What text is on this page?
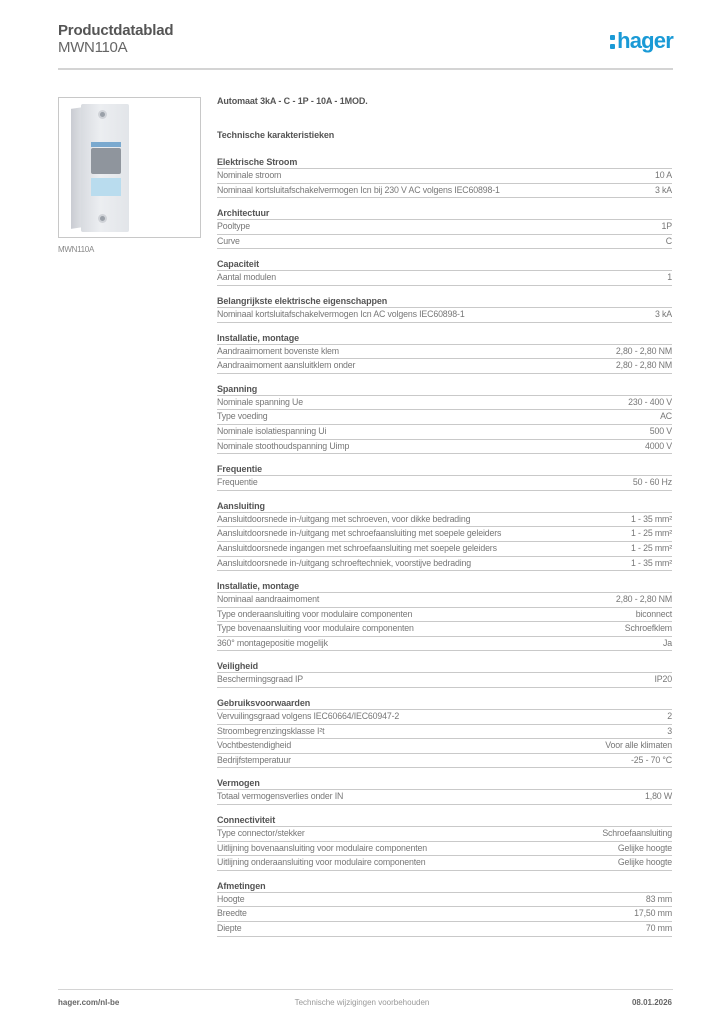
Productdatablad
MWN110A	hager
MWN110A
Automaat 3kA - C - 1P - 10A - 1MOD.
Technische karakteristieken
Elektrische Stroom
Nominale stroom	10 A
Nominaal kortsluitafschakelvermogen Icn bij 230 V AC volgens IEC60898-1	3 kA
Architectuur
Pooltype	1P
Curve	C
Capaciteit
Aantal modulen	1
Belangrijkste elektrische eigenschappen
Nominaal kortsluitafschakelvermogen Icn AC volgens IEC60898-1	3 kA
Installatie, montage
Aandraaimoment bovenste klem	2,80 - 2,80 NM
Aandraaimoment aansluitklem onder	2,80 - 2,80 NM
Spanning
Nominale spanning Ue	230 - 400 V
Type voeding	AC
Nominale isolatiespanning Ui	500 V
Nominale stoothoudspanning Uimp	4000 V
Frequentie
Frequentie	50 - 60 Hz
Aansluiting
Aansluitdoorsnede in-/uitgang met schroeven, voor dikke bedrading	1 - 35 mm²
Aansluitdoorsnede in-/uitgang met schroefaansluiting met soepele geleiders	1 - 25 mm²
Aansluitdoorsnede ingangen met schroefaansluiting met soepele geleiders	1 - 25 mm²
Aansluitdoorsnede in-/uitgang schroeftechniek, voorstijve bedrading	1 - 35 mm²
Installatie, montage
Nominaal aandraaimoment	2,80 - 2,80 NM
Type onderaansluiting voor modulaire componenten	biconnect
Type bovenaansluiting voor modulaire componenten	Schroefklem
360° montagepositie mogelijk	Ja
Veiligheid
Beschermingsgraad IP	IP20
Gebruiksvoorwaarden
Vervuilingsgraad volgens IEC60664/IEC60947-2	2
Stroombegrenzingsklasse I²t	3
Vochtbestendigheid	Voor alle klimaten
Bedrijfstemperatuur	-25 - 70 °C
Vermogen
Totaal vermogensverlies onder IN	1,80 W
Connectiviteit
Type connector/stekker	Schroefaansluiting
Uitlijning bovenaansluiting voor modulaire componenten	Gelijke hoogte
Uitlijning onderaansluiting voor modulaire componenten	Gelijke hoogte
Afmetingen
Hoogte	83 mm
Breedte	17,50 mm
Diepte	70 mm
hager.com/nl-be	Technische wijzigingen voorbehouden	08.01.2026
